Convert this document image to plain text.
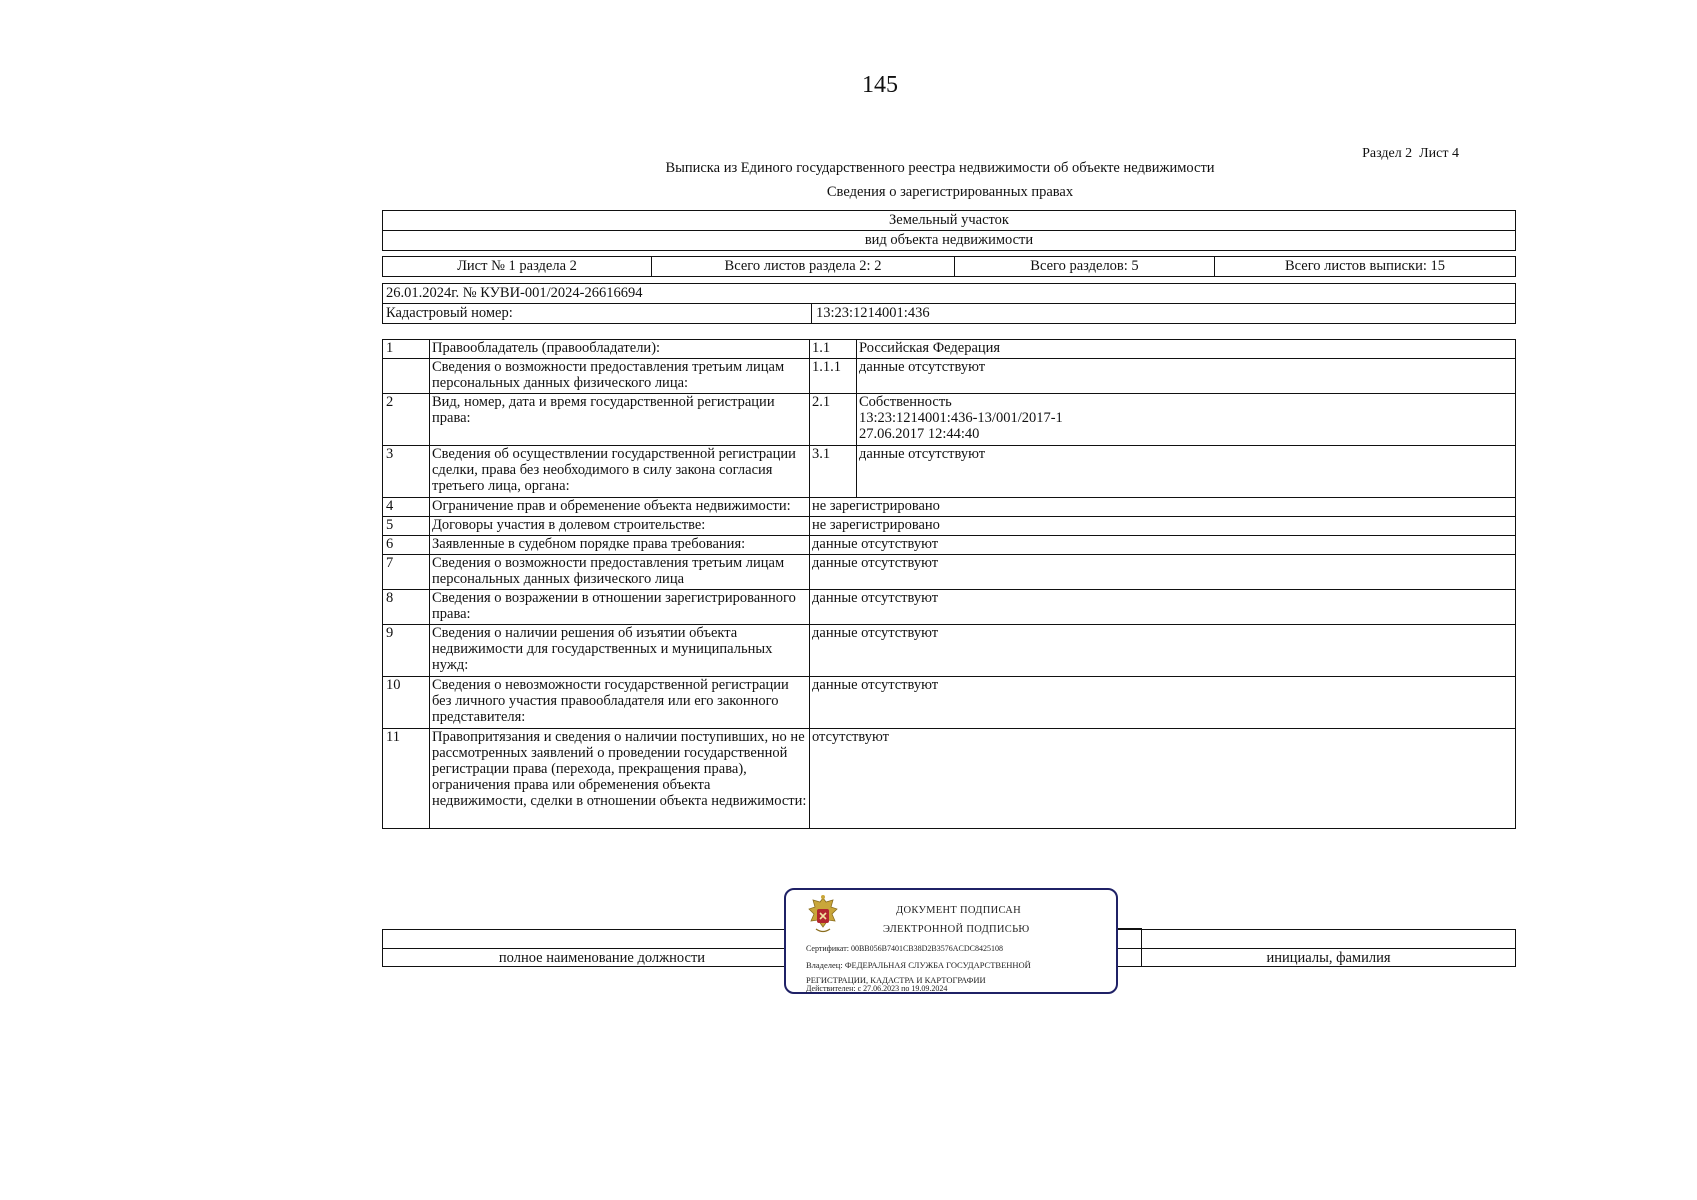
145
Раздел 2  Лист 4
Выписка из Единого государственного реестра недвижимости об объекте недвижимости
Сведения о зарегистрированных правах
Земельный участок
вид объекта недвижимости
Лист № 1 раздела 2	Всего листов раздела 2: 2	Всего разделов: 5	Всего листов выписки: 15
26.01.2024г. № КУВИ-001/2024-26616694
Кадастровый номер:	13:23:1214001:436
1	Правообладатель (правообладатели):	1.1	Российская Федерация
	Сведения о возможности предоставления третьим лицам персональных данных физического лица:	1.1.1	данные отсутствуют
2	Вид, номер, дата и время государственной регистрации права:	2.1	Собственность
13:23:1214001:436-13/001/2017-1
27.06.2017 12:44:40

3	Сведения об осуществлении государственной регистрации сделки, права без необходимого в силу закона согласия третьего лица, органа:	3.1	данные отсутствуют
4	Ограничение прав и обременение объекта недвижимости:	не зарегистрировано	
5	Договоры участия в долевом строительстве:	не зарегистрировано	
6	Заявленные в судебном порядке права требования:	данные отсутствуют	
7	Сведения о возможности предоставления третьим лицам персональных данных физического лица	данные отсутствуют	
8	Сведения о возражении в отношении зарегистрированного права:	данные отсутствуют	
9	Сведения о наличии решения об изъятии объекта недвижимости для государственных и муниципальных нужд:	данные отсутствуют	
10	Сведения о невозможности государственной регистрации без личного участия правообладателя или его законного представителя:	данные отсутствуют	
11	Правопритязания и сведения о наличии поступивших, но не рассмотренных заявлений о проведении государственной регистрации права (перехода, прекращения права), ограничения права или обременения объекта недвижимости, сделки в отношении объекта недвижимости:	отсутствуют	
полное наименование должности	инициалы, фамилия
ДОКУМЕНТ ПОДПИСАН
ЭЛЕКТРОННОЙ ПОДПИСЬЮ
Сертификат: 00BB056B7401CB38D2B3576ACDC8425108
Владелец: ФЕДЕРАЛЬНАЯ СЛУЖБА ГОСУДАРСТВЕННОЙ
РЕГИСТРАЦИИ, КАДАСТРА И КАРТОГРАФИИ
Действителен: с 27.06.2023 по 19.09.2024
